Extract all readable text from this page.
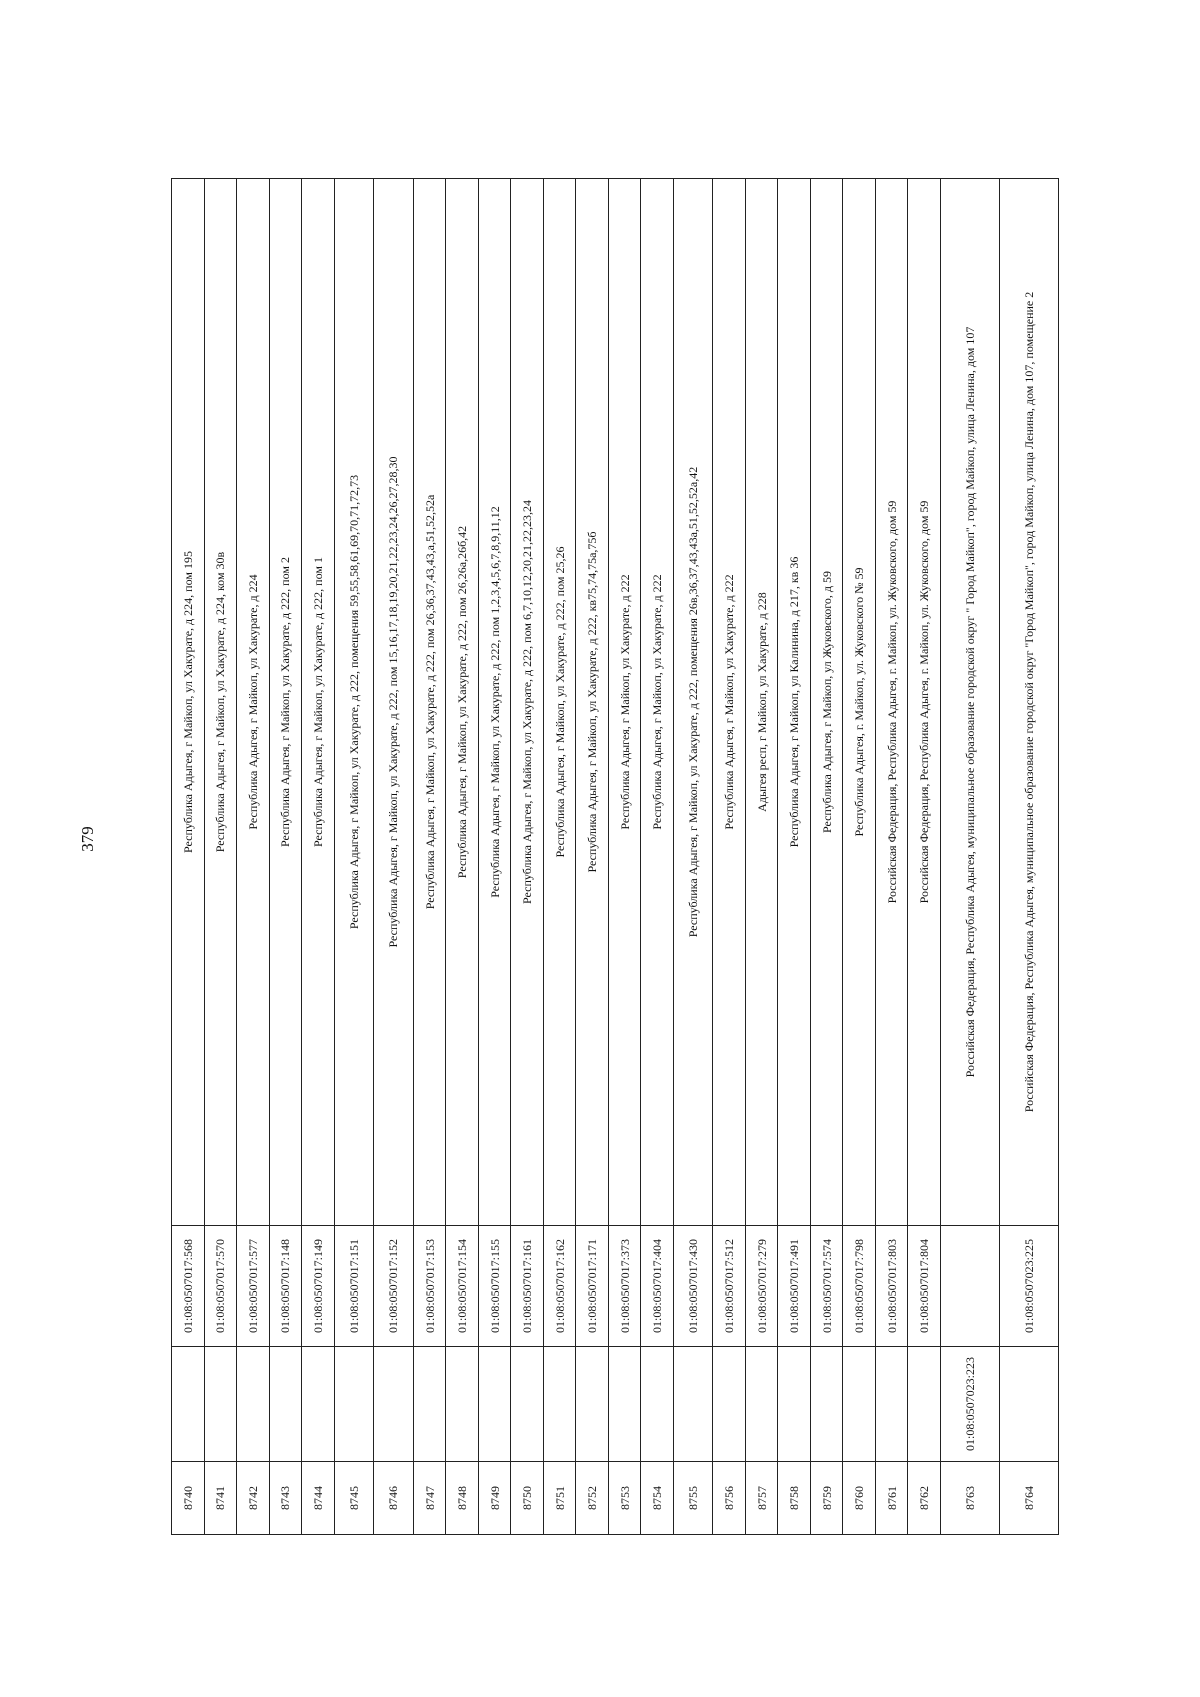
379
8740		01:08:0507017:568	Республика Адыгея, г Майкоп, ул Хакурате, д 224, пом 195
8741		01:08:0507017:570	Республика Адыгея, г Майкоп, ул Хакурате, д 224, ком 30в
8742		01:08:0507017:577	Республика Адыгея, г Майкоп, ул Хакурате, д 224
8743		01:08:0507017:148	Республика Адыгея, г Майкоп, ул Хакурате, д 222, пом 2
8744		01:08:0507017:149	Республика Адыгея, г Майкоп, ул Хакурате, д 222, пом 1
8745		01:08:0507017:151	Республика Адыгея, г Майкоп, ул Хакурате, д 222, помещения 59,55,58,61,69,70,71,72,73
8746		01:08:0507017:152	Республика Адыгея, г Майкоп, ул Хакурате, д 222, пом 15,16,17,18,19,20,21,22,23,24,26,27,28,30
8747		01:08:0507017:153	Республика Адыгея, г Майкоп, ул Хакурате, д 222, пом 26,36,37,43,43,а,51,52,52а
8748		01:08:0507017:154	Республика Адыгея, г Майкоп, ул Хакурате, д 222, пом 26,26а,26б,42
8749		01:08:0507017:155	Республика Адыгея, г Майкоп, ул Хакурате, д 222, пом 1,2,3,4,5,6,7,8,9,11,12
8750		01:08:0507017:161	Республика Адыгея, г Майкоп, ул Хакурате, д 222, пом 6,7,10,12,20,21,22,23,24
8751		01:08:0507017:162	Республика Адыгея, г Майкоп, ул Хакурате, д 222, пом 25,26
8752		01:08:0507017:171	Республика Адыгея, г Майкоп, ул Хакурате, д 222, кв75,74,75а,75б
8753		01:08:0507017:373	Республика Адыгея, г Майкоп, ул Хакурате, д 222
8754		01:08:0507017:404	Республика Адыгея, г Майкоп, ул Хакурате, д 222
8755		01:08:0507017:430	Республика Адыгея, г Майкоп, ул Хакурате, д 222, помещения 26в,36,37,43,43а,51,52,52а,42
8756		01:08:0507017:512	Республика Адыгея, г Майкоп, ул Хакурате, д 222
8757		01:08:0507017:279	Адыгея респ, г Майкоп, ул Хакурате, д 228
8758		01:08:0507017:491	Республика Адыгея, г Майкоп, ул Калинина, д 217, кв 36
8759		01:08:0507017:574	Республика Адыгея, г Майкоп, ул Жуковского, д 59
8760		01:08:0507017:798	Республика Адыгея, г. Майкоп, ул. Жуковского № 59
8761		01:08:0507017:803	Российская Федерация, Республика Адыгея, г. Майкоп, ул. Жуковского, дом 59
8762		01:08:0507017:804	Российская Федерация, Республика Адыгея, г. Майкоп, ул. Жуковского, дом 59
8763	01:08:0507023:223		Российская Федерация, Республика Адыгея, муниципальное образование городской округ " Город Майкоп", город Майкоп, улица Ленина, дом 107
8764		01:08:0507023:225	Российская Федерация, Республика Адыгея, муниципальное образование городской округ "Город Майкоп", город Майкоп, улица Ленина, дом 107, помещение 2
